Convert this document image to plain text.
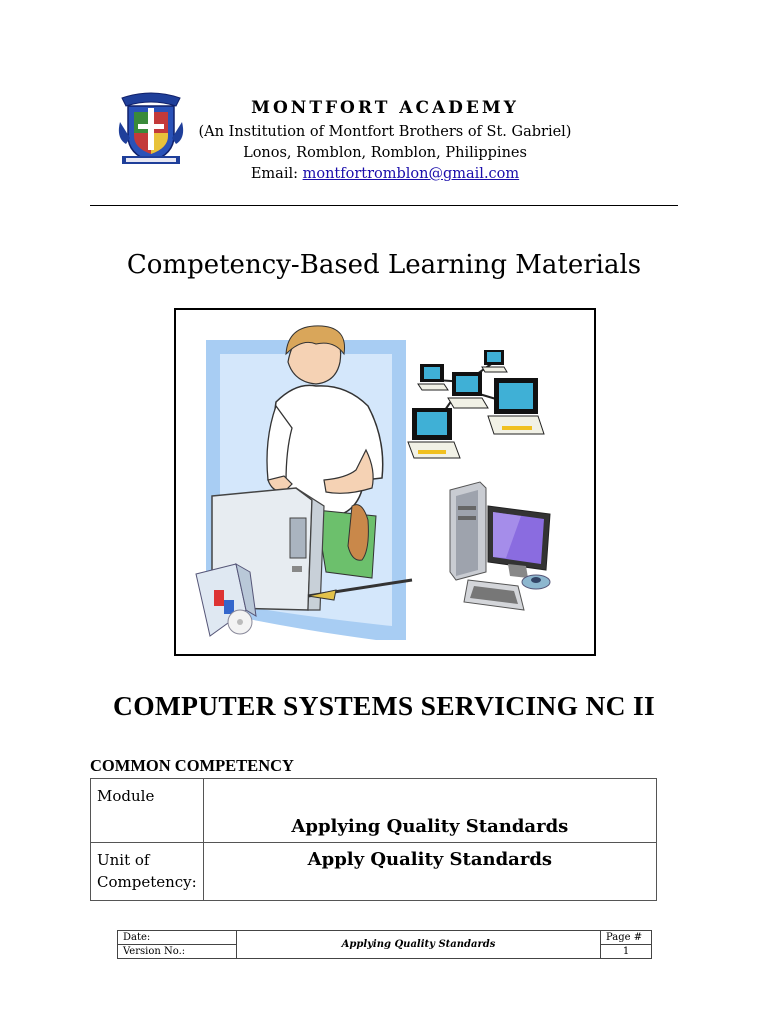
MONTFORT ACADEMY
(An Institution of Montfort Brothers of St. Gabriel)
Lonos, Romblon, Romblon, Philippines
Email: montfortromblon@gmail.com
Competency-Based Learning Materials
COMPUTER SYSTEMS SERVICING NC II
COMMON COMPETENCY
Module	Applying Quality Standards

Unit of
Competency:	Apply Quality Standards
Date:	Applying Quality Standards	Page #
Version No.:		1
